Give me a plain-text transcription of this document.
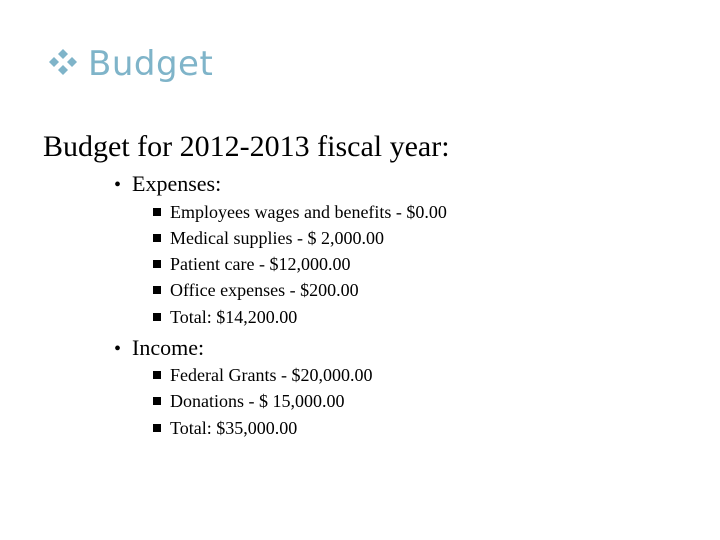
Budget
Budget for 2012-2013 fiscal year:
• Expenses:
Employees wages and benefits - $0.00
Medical supplies - $ 2,000.00
Patient care - $12,000.00
Office expenses - $200.00
Total: $14,200.00
• Income:
Federal Grants - $20,000.00
Donations - $ 15,000.00
Total: $35,000.00
